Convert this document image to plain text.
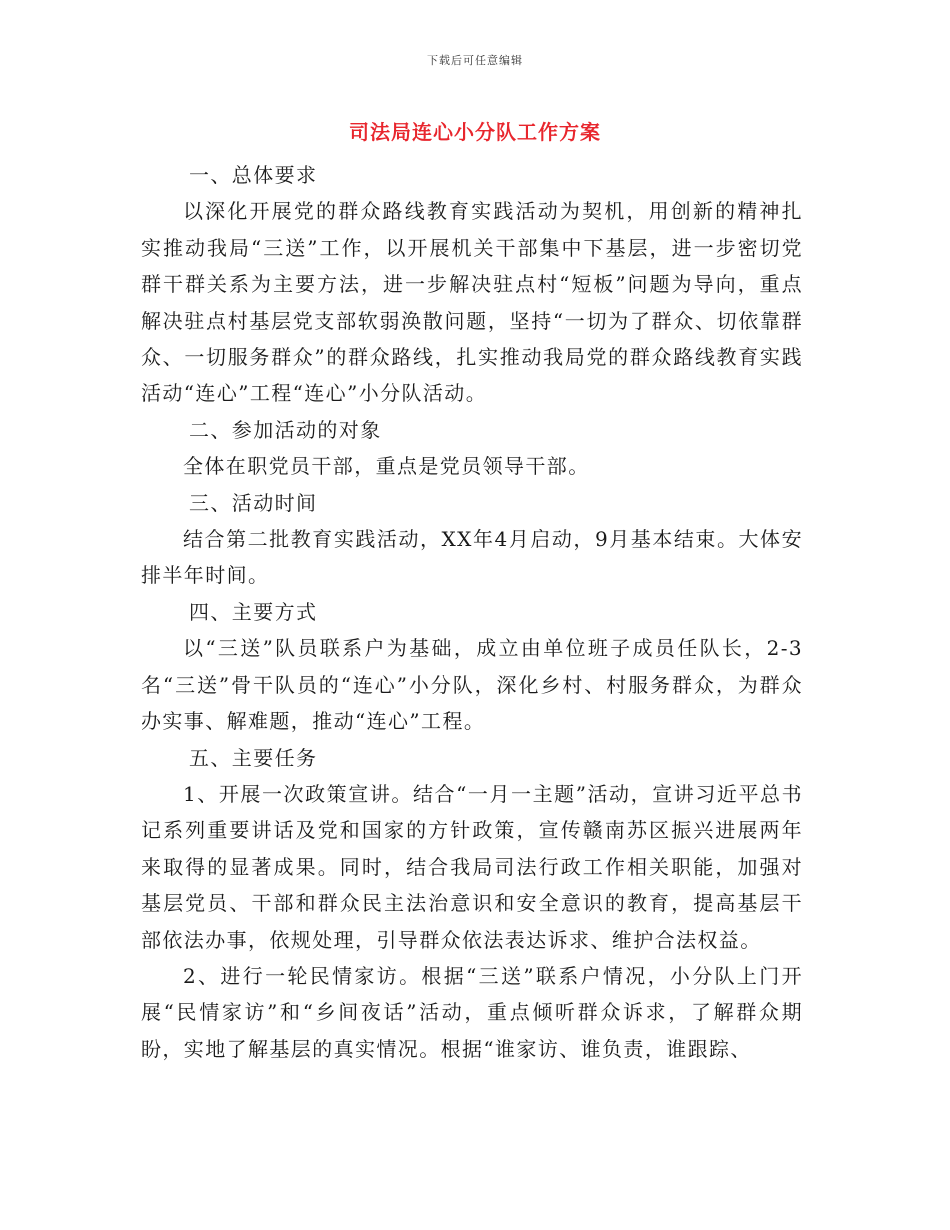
下载后可任意编辑
司法局连心小分队工作方案

一、总体要求

以深化开展党的群众路线教育实践活动为契机，用创新的精神扎实推动我局“三送”工作，以开展机关干部集中下基层，进一步密切党群干群关系为主要方法，进一步解决驻点村“短板”问题为导向，重点解决驻点村基层党支部软弱涣散问题，坚持“一切为了群众、切依靠群众、一切服务群众”的群众路线，扎实推动我局党的群众路线教育实践活动“连心”工程“连心”小分队活动。

二、参加活动的对象

全体在职党员干部，重点是党员领导干部。

三、活动时间

结合第二批教育实践活动，XX年4月启动，9月基本结束。大体安排半年时间。

四、主要方式

以“三送”队员联系户为基础，成立由单位班子成员任队长，2-3名“三送”骨干队员的“连心”小分队，深化乡村、村服务群众，为群众办实事、解难题，推动“连心”工程。

五、主要任务

1、开展一次政策宣讲。结合“一月一主题”活动，宣讲习近平总书记系列重要讲话及党和国家的方针政策，宣传赣南苏区振兴进展两年来取得的显著成果。同时，结合我局司法行政工作相关职能，加强对基层党员、干部和群众民主法治意识和安全意识的教育，提高基层干部依法办事，依规处理，引导群众依法表达诉求、维护合法权益。

2、进行一轮民情家访。根据“三送”联系户情况，小分队上门开展“民情家访”和“乡间夜话”活动，重点倾听群众诉求，了解群众期盼，实地了解基层的真实情况。根据“谁家访、谁负责，谁跟踪、
